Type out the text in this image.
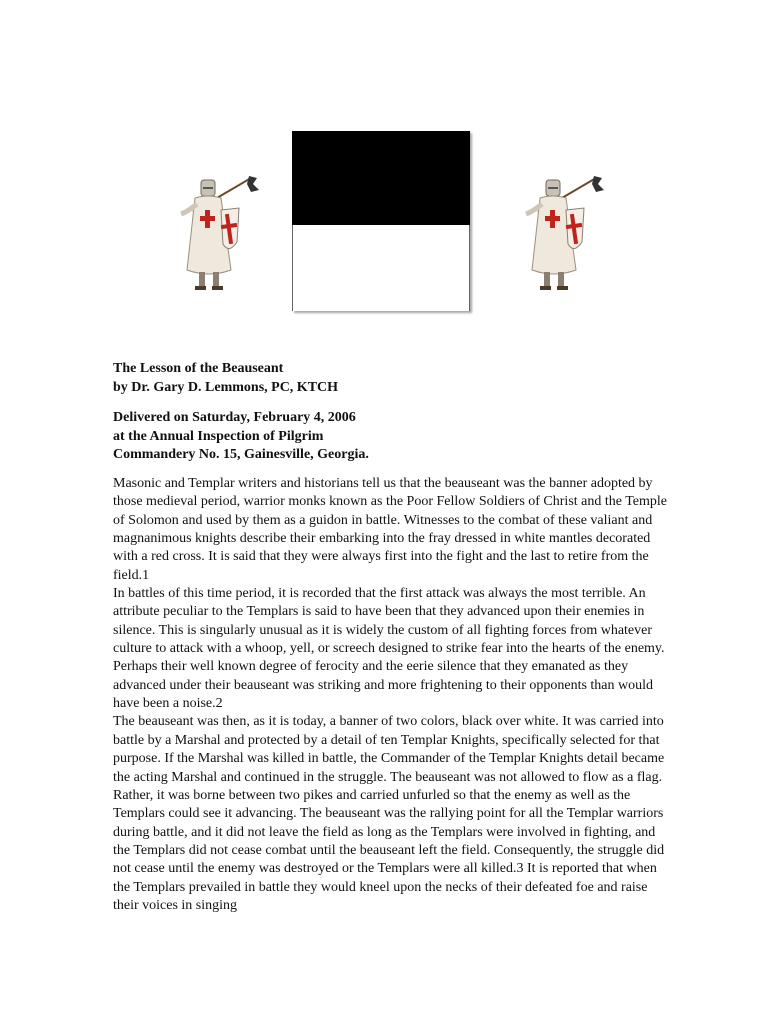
The Lesson of the Beauseant
by Dr. Gary D. Lemmons, PC, KTCH
Delivered on Saturday, February 4, 2006
at the Annual Inspection of Pilgrim
Commandery No. 15, Gainesville, Georgia.

Masonic and Templar writers and historians tell us that the beauseant was the banner adopted by those medieval period, warrior monks known as the Poor Fellow Soldiers of Christ and the Temple of Solomon and used by them as a guidon in battle. Witnesses to the combat of these valiant and magnanimous knights describe their embarking into the fray dressed in white mantles decorated with a red cross. It is said that they were always first into the fight and the last to retire from the field.1

In battles of this time period, it is recorded that the first attack was always the most terrible. An attribute peculiar to the Templars is said to have been that they advanced upon their enemies in silence. This is singularly unusual as it is widely the custom of all fighting forces from whatever culture to attack with a whoop, yell, or screech designed to strike fear into the hearts of the enemy. Perhaps their well known degree of ferocity and the eerie silence that they emanated as they advanced under their beauseant was striking and more frightening to their opponents than would have been a noise.2

The beauseant was then, as it is today, a banner of two colors, black over white. It was carried into battle by a Marshal and protected by a detail of ten Templar Knights, specifically selected for that purpose. If the Marshal was killed in battle, the Commander of the Templar Knights detail became the acting Marshal and continued in the struggle. The beauseant was not allowed to flow as a flag. Rather, it was borne between two pikes and carried unfurled so that the enemy as well as the Templars could see it advancing. The beauseant was the rallying point for all the Templar warriors during battle, and it did not leave the field as long as the Templars were involved in fighting, and the Templars did not cease combat until the beauseant left the field. Consequently, the struggle did not cease until the enemy was destroyed or the Templars were all killed.3 It is reported that when the Templars prevailed in battle they would kneel upon the necks of their defeated foe and raise their voices in singing
